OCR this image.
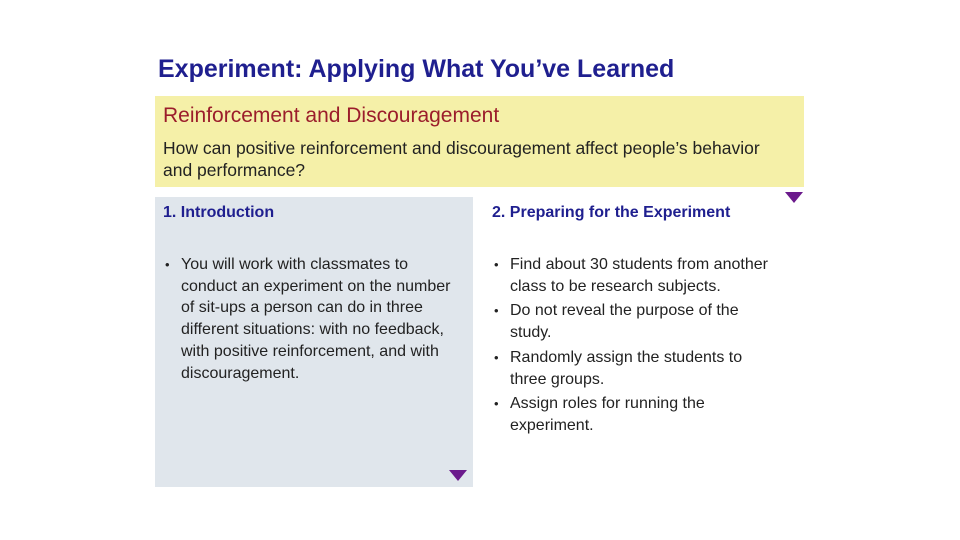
Experiment: Applying What You’ve Learned
Reinforcement and Discouragement
How can positive reinforcement and discouragement affect people’s behavior and performance?
1. Introduction
• You will work with classmates to conduct an experiment on the number of sit-ups a person can do in three different situations: with no feedback, with positive reinforcement, and with discouragement.
2. Preparing for the Experiment
• Find about 30 students from another class to be research subjects.
• Do not reveal the purpose of the study.
• Randomly assign the students to three groups.
• Assign roles for running the experiment.
